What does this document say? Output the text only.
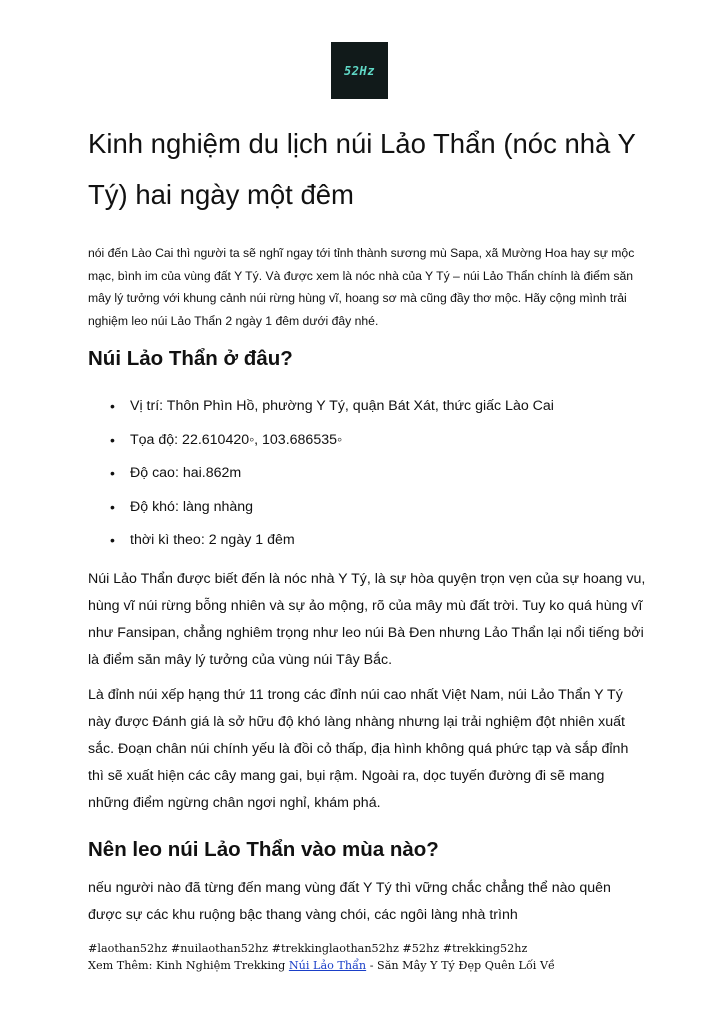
52Hz
Kinh nghiệm du lịch núi Lảo Thẩn (nóc nhà Y Tý) hai ngày một đêm

nói đến Lào Cai thì người ta sẽ nghĩ ngay tới tỉnh thành sương mù Sapa, xã Mường Hoa hay sự mộc mạc, bình im của vùng đất Y Tý. Và được xem là nóc nhà của Y Tý – núi Lảo Thẩn chính là điểm săn mây lý tưởng với khung cảnh núi rừng hùng vĩ, hoang sơ mà cũng đầy thơ mộc. Hãy cộng mình trải nghiệm leo núi Lảo Thẩn 2 ngày 1 đêm dưới đây nhé.

Núi Lảo Thẩn ở đâu?
• Vị trí: Thôn Phìn Hồ, phường Y Tý, quận Bát Xát, thức giấc Lào Cai
• Tọa độ: 22.610420◦, 103.686535◦
• Độ cao: hai.862m
• Độ khó: làng nhàng
• thời kì theo: 2 ngày 1 đêm

Núi Lảo Thẩn được biết đến là nóc nhà Y Tý, là sự hòa quyện trọn vẹn của sự hoang vu, hùng vĩ núi rừng bỗng nhiên và sự ảo mộng, rõ của mây mù đất trời. Tuy ko quá hùng vĩ như Fansipan, chẳng nghiêm trọng như leo núi Bà Đen nhưng Lảo Thẩn lại nổi tiếng bởi là điểm săn mây lý tưởng của vùng núi Tây Bắc.

Là đỉnh núi xếp hạng thứ 11 trong các đỉnh núi cao nhất Việt Nam, núi Lảo Thẩn Y Tý này được Đánh giá là sở hữu độ khó làng nhàng nhưng lại trải nghiệm đột nhiên xuất sắc. Đoạn chân núi chính yếu là đồi cỏ thấp, địa hình không quá phức tạp và sắp đỉnh thì sẽ xuất hiện các cây mang gai, bụi rậm. Ngoài ra, dọc tuyến đường đi sẽ mang những điểm ngừng chân ngơi nghỉ, khám phá.

Nên leo núi Lảo Thẩn vào mùa nào?

nếu người nào đã từng đến mang vùng đất Y Tý thì vững chắc chẳng thể nào quên được sự các khu ruộng bậc thang vàng chói, các ngôi làng nhà trình

#laothan52hz #nuilaothan52hz #trekkinglaothan52hz #52hz #trekking52hz
Xem Thêm: Kinh Nghiệm Trekking Núi Lảo Thẩn - Săn Mây Y Tý Đẹp Quên Lối Về
